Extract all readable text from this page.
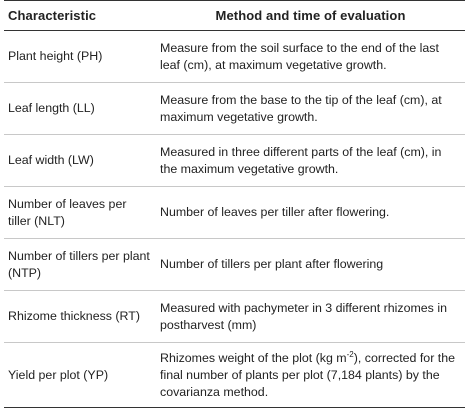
Characteristic	Method and time of evaluation
Plant height (PH)	Measure from the soil surface to the end of the last leaf (cm), at maximum vegetative growth.
Leaf length (LL)	Measure from the base to the tip of the leaf (cm), at maximum vegetative growth.
Leaf width (LW)	Measured in three different parts of the leaf (cm), in the maximum vegetative growth.
Number of leaves per tiller (NLT)	Number of leaves per tiller after flowering.
Number of tillers per plant (NTP)	Number of tillers per plant after flowering
Rhizome thickness (RT)	Measured with pachymeter in 3 different rhizomes in postharvest (mm)
Yield per plot (YP)	Rhizomes weight of the plot (kg $m^{-2}$), corrected for the final number of plants per plot (7,184 plants) by the covarianza method.
